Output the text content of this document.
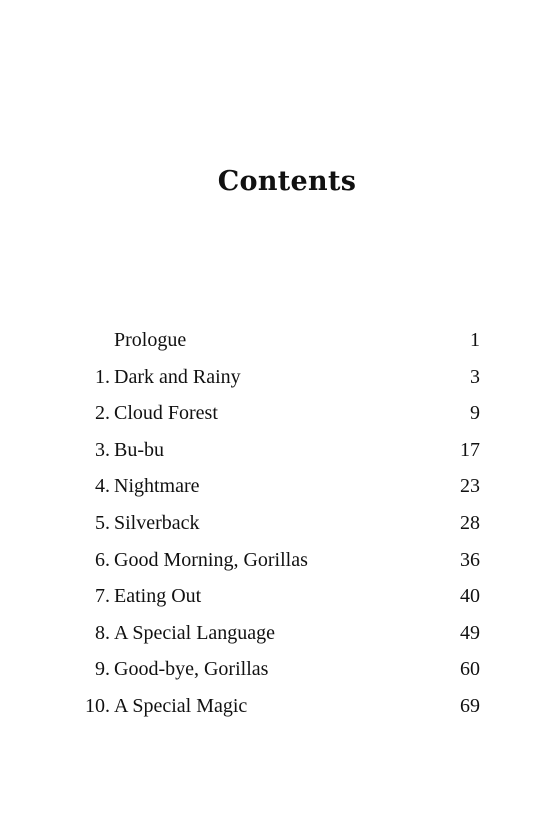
Contents
Prologue	1
1. Dark and Rainy	3
2. Cloud Forest	9
3. Bu-bu	17
4. Nightmare	23
5. Silverback	28
6. Good Morning, Gorillas	36
7. Eating Out	40
8. A Special Language	49
9. Good-bye, Gorillas	60
10. A Special Magic	69
